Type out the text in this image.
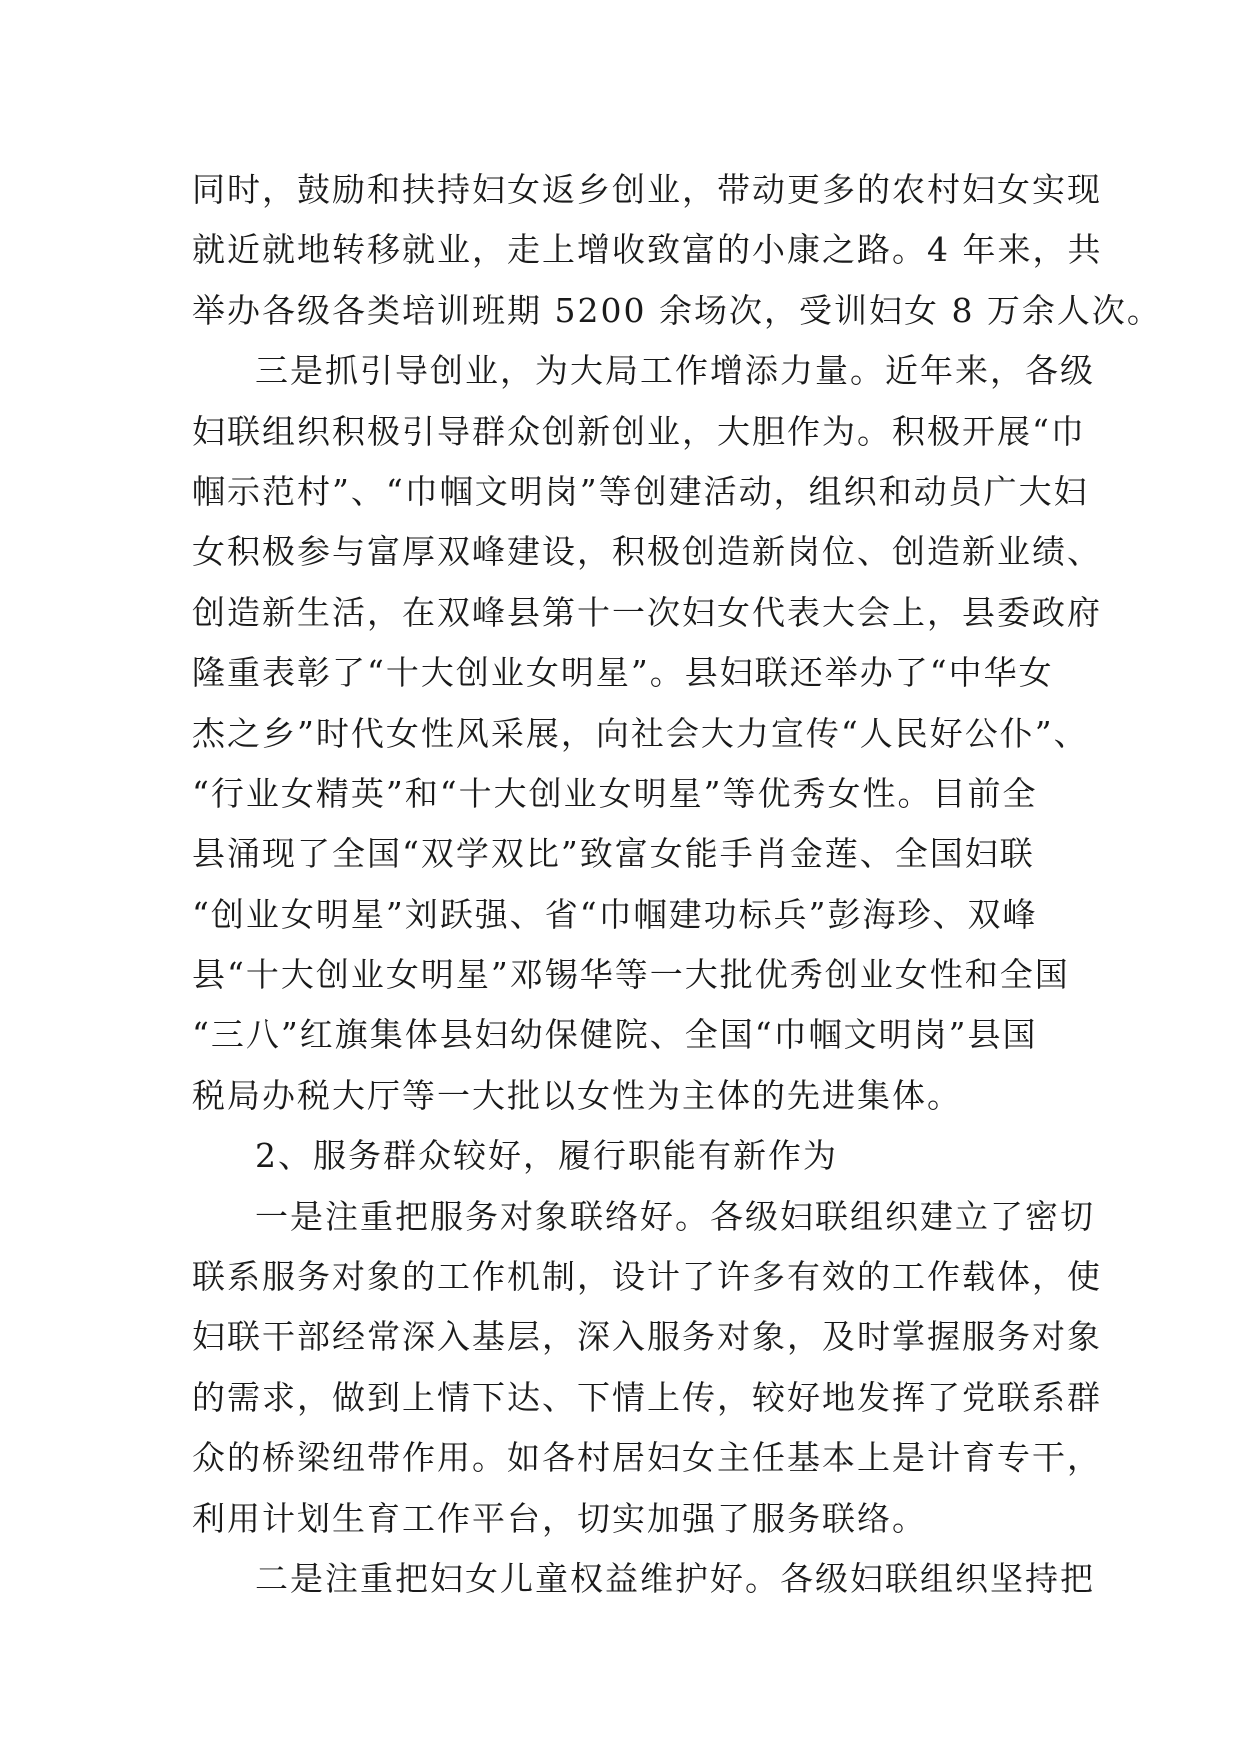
同时，鼓励和扶持妇女返乡创业，带动更多的农村妇女实现
就近就地转移就业，走上增收致富的小康之路。4 年来，共
举办各级各类培训班期 5200 余场次，受训妇女 8 万余人次。
三是抓引导创业，为大局工作增添力量。近年来，各级
妇联组织积极引导群众创新创业，大胆作为。积极开展“巾
帼示范村”、“巾帼文明岗”等创建活动，组织和动员广大妇
女积极参与富厚双峰建设，积极创造新岗位、创造新业绩、
创造新生活，在双峰县第十一次妇女代表大会上，县委政府
隆重表彰了“十大创业女明星”。县妇联还举办了“中华女
杰之乡”时代女性风采展，向社会大力宣传“人民好公仆”、
“行业女精英”和“十大创业女明星”等优秀女性。目前全
县涌现了全国“双学双比”致富女能手肖金莲、全国妇联
“创业女明星”刘跃强、省“巾帼建功标兵”彭海珍、双峰
县“十大创业女明星”邓锡华等一大批优秀创业女性和全国
“三八”红旗集体县妇幼保健院、全国“巾帼文明岗”县国
税局办税大厅等一大批以女性为主体的先进集体。
2、服务群众较好，履行职能有新作为
一是注重把服务对象联络好。各级妇联组织建立了密切
联系服务对象的工作机制，设计了许多有效的工作载体，使
妇联干部经常深入基层，深入服务对象，及时掌握服务对象
的需求，做到上情下达、下情上传，较好地发挥了党联系群
众的桥梁纽带作用。如各村居妇女主任基本上是计育专干，
利用计划生育工作平台，切实加强了服务联络。
二是注重把妇女儿童权益维护好。各级妇联组织坚持把
